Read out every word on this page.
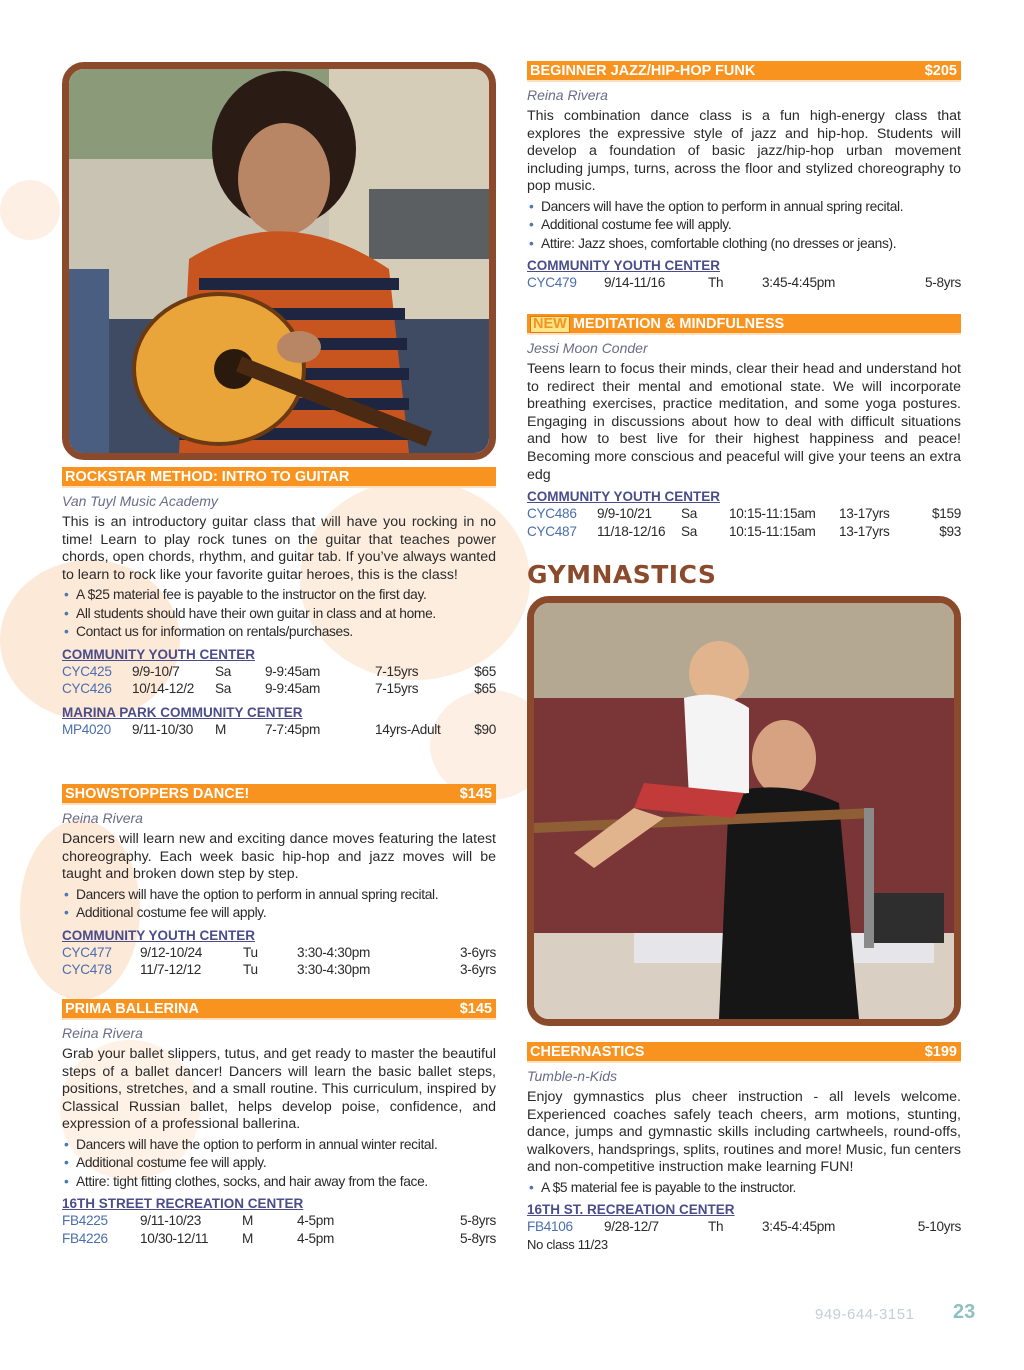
ROCKSTAR METHOD: INTRO TO GUITAR
Van Tuyl Music Academy
This is an introductory guitar class that will have you rocking in no time! Learn to play rock tunes on the guitar that teaches power chords, open chords, rhythm, and guitar tab. If you’ve always wanted to learn to rock like your favorite guitar heroes, this is the class!
• A $25 material fee is payable to the instructor on the first day.
• All students should have their own guitar in class and at home.
• Contact us for information on rentals/purchases.
COMMUNITY YOUTH CENTER
CYC425	9/9-10/7	Sa	9-9:45am	7-15yrs	$65
CYC426	10/14-12/2	Sa	9-9:45am	7-15yrs	$65
MARINA PARK COMMUNITY CENTER
MP4020	9/11-10/30	M	7-7:45pm	14yrs-Adult	$90
SHOWSTOPPERS DANCE!	$145
Reina Rivera
Dancers will learn new and exciting dance moves featuring the latest choreography. Each week basic hip-hop and jazz moves will be taught and broken down step by step.
• Dancers will have the option to perform in annual spring recital.
• Additional costume fee will apply.
COMMUNITY YOUTH CENTER
CYC477	9/12-10/24	Tu	3:30-4:30pm	3-6yrs
CYC478	11/7-12/12	Tu	3:30-4:30pm	3-6yrs
PRIMA BALLERINA	$145
Reina Rivera
Grab your ballet slippers, tutus, and get ready to master the beautiful steps of a ballet dancer! Dancers will learn the basic ballet steps, positions, stretches, and a small routine. This curriculum, inspired by Classical Russian ballet, helps develop poise, confidence, and expression of a professional ballerina.
• Dancers will have the option to perform in annual winter recital.
• Additional costume fee will apply.
• Attire: tight fitting clothes, socks, and hair away from the face.
16TH STREET RECREATION CENTER
FB4225	9/11-10/23	M	4-5pm	5-8yrs
FB4226	10/30-12/11	M	4-5pm	5-8yrs
BEGINNER JAZZ/HIP-HOP FUNK	$205
Reina Rivera
This combination dance class is a fun high-energy class that explores the expressive style of jazz and hip-hop. Students will develop a foundation of basic jazz/hip-hop urban movement including jumps, turns, across the floor and stylized choreography to pop music.
• Dancers will have the option to perform in annual spring recital.
• Additional costume fee will apply.
• Attire: Jazz shoes, comfortable clothing (no dresses or jeans).
COMMUNITY YOUTH CENTER
CYC479	9/14-11/16	Th	3:45-4:45pm	5-8yrs
NEW MEDITATION & MINDFULNESS
Jessi Moon Conder
Teens learn to focus their minds, clear their head and understand hot to redirect their mental and emotional state. We will incorporate breathing exercises, practice meditation, and some yoga postures. Engaging in discussions about how to deal with difficult situations and how to best live for their highest happiness and peace! Becoming more conscious and peaceful will give your teens an extra edg
COMMUNITY YOUTH CENTER
CYC486	9/9-10/21	Sa	10:15-11:15am	13-17yrs	$159
CYC487	11/18-12/16	Sa	10:15-11:15am	13-17yrs	$93
GYMNASTICS
CHEERNASTICS	$199
Tumble-n-Kids
Enjoy gymnastics plus cheer instruction - all levels welcome. Experienced coaches safely teach cheers, arm motions, stunting, dance, jumps and gymnastic skills including cartwheels, round-offs, walkovers, handsprings, splits, routines and more! Music, fun centers and non-competitive instruction make learning FUN!
• A $5 material fee is payable to the instructor.
16TH ST. RECREATION CENTER
FB4106	9/28-12/7	Th	3:45-4:45pm	5-10yrs
No class 11/23
949-644-3151 23
